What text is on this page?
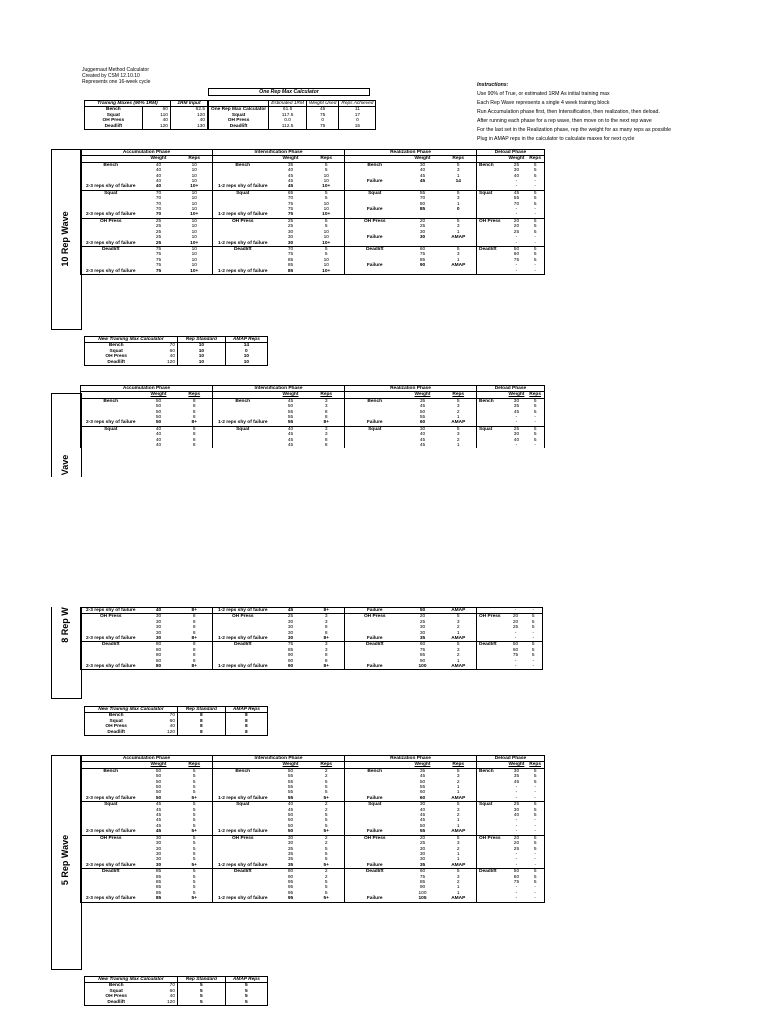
Juggernaut Method Calculator
Created by CSM 12.10.10
Represents one 16-week cycle	Instructions:
Use 90% of True, or estimated 1RM As initial training max
Each Rep Wave represents a single 4 week training block
Run Accumulation phase first, then Intensification, then realization, then deload.
After running each phase for a rep wave, then move on to the next rep wave
For the last set in the Realization phase, rep the weight for as many reps as possible
Plug in AMAP reps in the calculator to calculate maxes for next cycle
Training Maxes (90% 1RM)		1RM Input
Bench	60	62.5
Squat	110	120
OH Press	40	40
Deadlift	120	130
One Rep Max Calculator
	Estimated 1RM	Weight Used	Reps Achieved
One Rep Max Calculator	61.5	45	11
Squat	117.5	75	17
OH Press	0.0	0	0
Deadlift	112.5	75	15
10 Rep Wave
Accumulation Phase			Intensification Phase			Realization Phase			Deload Phase		
	Weight	Reps		Weight	Reps		Weight	Reps		Weight	Reps
Bench	40	10	Bench	35	5	Bench	30	5	Bench	25	5
	40	10		40	5		40	3		30	5
	40	10		45	10		45	1		40	5
	40	10		45	10	Failure	45	14		-	-
2-3 reps shy of failure	40	10+	1-2 reps shy of failure	45	10+					-	-
Squat	70	10	Squat	65	5	Squat	55	5	Squat	45	5
	70	10		70	5		70	3		55	5
	70	10		75	10		80	1		70	5
	70	10		75	10	Failure	85	0		-	-
2-3 reps shy of failure	70	10+	1-2 reps shy of failure	75	10+					-	-
OH Press	25	10	OH Press	25	5	OH Press	20	5	OH Press	20	5
	25	10		25	5		25	3		20	5
	25	10		30	10		30	1		25	5
	25	10		30	10	Failure	30	AMAP		-	-
2-3 reps shy of failure	25	10+	1-2 reps shy of failure	30	10+					-	-
Deadlift	75	10	Deadlift	70	5	Deadlift	60	5	Deadlift	50	5
	75	10		75	5		75	3		60	5
	75	10		85	10		85	1		75	5
	75	10		85	10	Failure	90	AMAP		-	-
2-3 reps shy of failure	75	10+	1-2 reps shy of failure	85	10+					-	-
New Training Max Calculator		Rep Standard	AMAP Reps
Bench	70	10	14
Squat	60	10	0
OH Press	40	10	10
Deadlift	120	10	10
Vave
Accumulation Phase			Intensification Phase			Realization Phase			Deload Phase		
	Weight	Reps		Weight	Reps		Weight	Reps		Weight	Reps
Bench	50	8	Bench	45	3	Bench	35	5	Bench	30	5
	50	8		50	3		45	3		35	5
	50	8		55	8		50	2		45	5
	50	8		55	8		55	1		-	-
2-3 reps shy of failure	50	8+	1-2 reps shy of failure	55	8+	Failure	60	AMAP		-	-
Squat	40	8	Squat	40	3	Squat	30	5	Squat	25	5
	40	8		45	3		40	3		30	5
	40	8		45	8		45	2		40	5
	40	8		45	8		45	1		-	-
8 Rep W	2-3 reps shy of failure	40	8+	1-2 reps shy of failure	45	8+	Failure	50	AMAP		-	-
OH Press	30	8	OH Press	25	3	OH Press	20	5	OH Press	20	5
	30	8		30	3		25	3		20	5
	30	8		30	8		30	2		25	5
	30	8		30	8		30	1		-	-
2-3 reps shy of failure	30	8+	1-2 reps shy of failure	30	8+	Failure	35	AMAP		-	-
Deadlift	80	8	Deadlift	75	3	Deadlift	60	5	Deadlift	50	5
	80	8		85	3		75	3		60	5
	80	8		90	8		85	2		75	5
	80	8		90	8		90	1		-	-
2-3 reps shy of failure	80	8+	1-2 reps shy of failure	90	8+	Failure	100	AMAP		-	-
New Training Max Calculator		Rep Standard	AMAP Reps
Bench	70	8	8
Squat	60	8	8
OH Press	40	8	8
Deadlift	120	8	8
5 Rep Wave
Accumulation Phase			Intensification Phase			Realization Phase			Deload Phase		
	Weight	Reps		Weight	Reps		Weight	Reps		Weight	Reps
Bench	50	5	Bench	50	2	Bench	35	5	Bench	30	5
	50	5		55	2		45	3		35	5
	50	5		55	5		50	2		45	5
	50	5		55	5		55	1		-	-
	50	5		55	5		60	1		-	-
2-3 reps shy of failure	50	5+	1-2 reps shy of failure	55	5+	Failure	60	AMAP		-	-
Squat	45	5	Squat	40	2	Squat	30	5	Squat	25	5
	45	5		45	2		40	3		30	5
	45	5		50	5		45	2		40	5
	45	5		50	5		45	1		-	-
	45	5		50	5		50	1		-	-
2-3 reps shy of failure	45	5+	1-2 reps shy of failure	50	5+	Failure	55	AMAP		-	-
OH Press	30	5	OH Press	30	2	OH Press	20	5	OH Press	20	5
	30	5		30	2		25	3		20	5
	30	5		35	5		30	2		25	5
	30	5		35	5		30	1		-	-
	30	5		35	5		30	1		-	-
2-3 reps shy of failure	30	5+	1-2 reps shy of failure	35	5+	Failure	35	AMAP		-	-
Deadlift	85	5	Deadlift	80	2	Deadlift	60	5	Deadlift	50	5
	85	5		90	2		75	3		60	5
	85	5		95	5		85	2		75	5
	85	5		95	5		90	1		-	-
	85	5		95	5		100	1		-	-
2-3 reps shy of failure	85	5+	1-2 reps shy of failure	95	5+	Failure	105	AMAP		-	-
New Training Max Calculator		Rep Standard	AMAP Reps
Bench	70	5	5
Squat	60	5	5
OH Press	40	5	5
Deadlift	120	5	5
